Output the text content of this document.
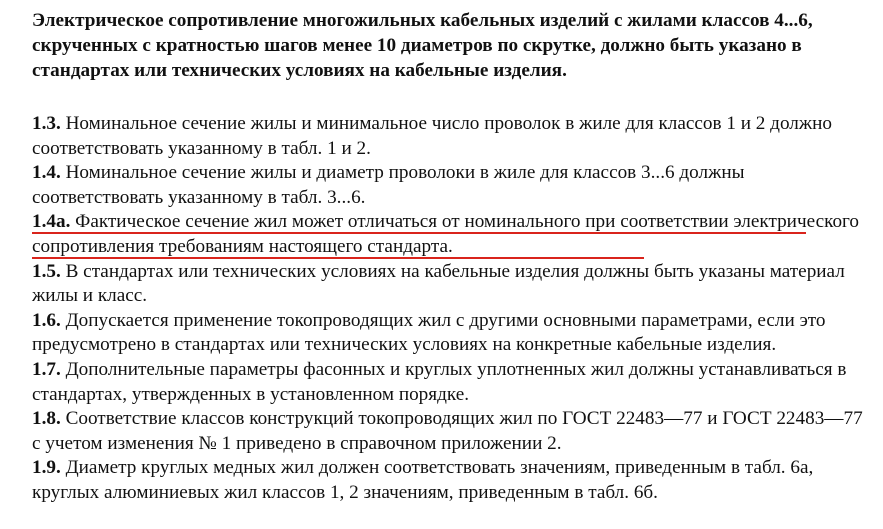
Электрическое сопротивление многожильных кабельных изделий с жилами классов 4...6, скрученных с кратностью шагов менее 10 диаметров по скрутке, должно быть указано в стандартах или технических условиях на кабельные изделия.

1.3. Номинальное сечение жилы и минимальное число проволок в жиле для классов 1 и 2 должно соответствовать указанному в табл. 1 и 2.

1.4. Номинальное сечение жилы и диаметр проволоки в жиле для классов 3...6 должны соответствовать указанному в табл. 3...6.

1.4а. Фактическое сечение жил может отличаться от номинального при соответствии электрического сопротивления требованиям настоящего стандарта.

1.5. В стандартах или технических условиях на кабельные изделия должны быть указаны материал жилы и класс.

1.6. Допускается применение токопроводящих жил с другими основными параметрами, если это предусмотрено в стандартах или технических условиях на конкретные кабельные изделия.

1.7. Дополнительные параметры фасонных и круглых уплотненных жил должны устанавливаться в стандартах, утвержденных в установленном порядке.

1.8. Соответствие классов конструкций токопроводящих жил по ГОСТ 22483—77 и ГОСТ 22483—77 с учетом изменения № 1 приведено в справочном приложении 2.

1.9. Диаметр круглых медных жил должен соответствовать значениям, приведенным в табл. 6а, круглых алюминиевых жил классов 1, 2 значениям, приведенным в табл. 6б.
